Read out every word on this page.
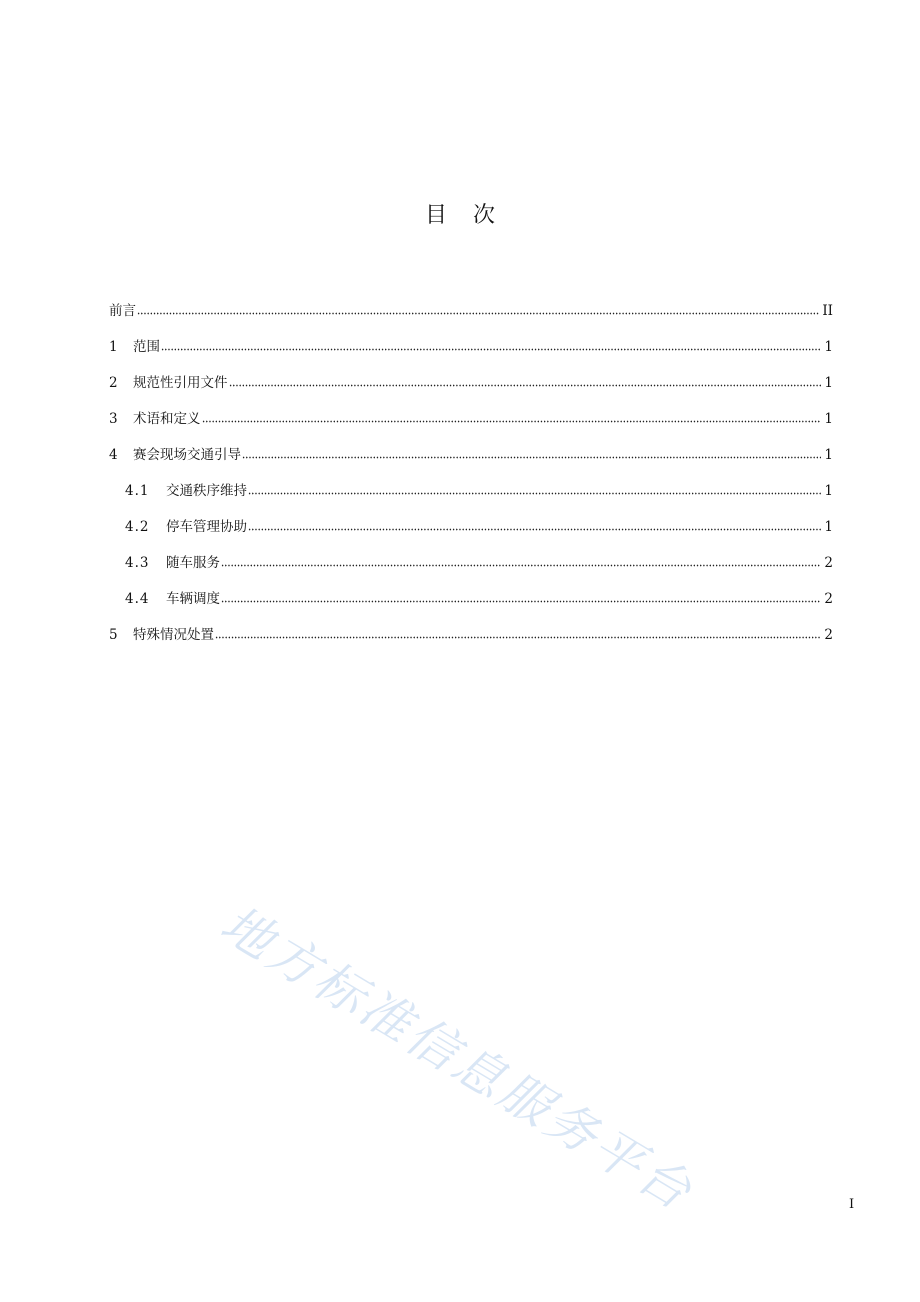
目 次
前言	II
1	范围	1
2	规范性引用文件	1
3	术语和定义	1
4	赛会现场交通引导	1
4.1	交通秩序维持	1
4.2	停车管理协助	1
4.3	随车服务	2
4.4	车辆调度	2
5	特殊情况处置	2
地方标准信息服务平台	I
